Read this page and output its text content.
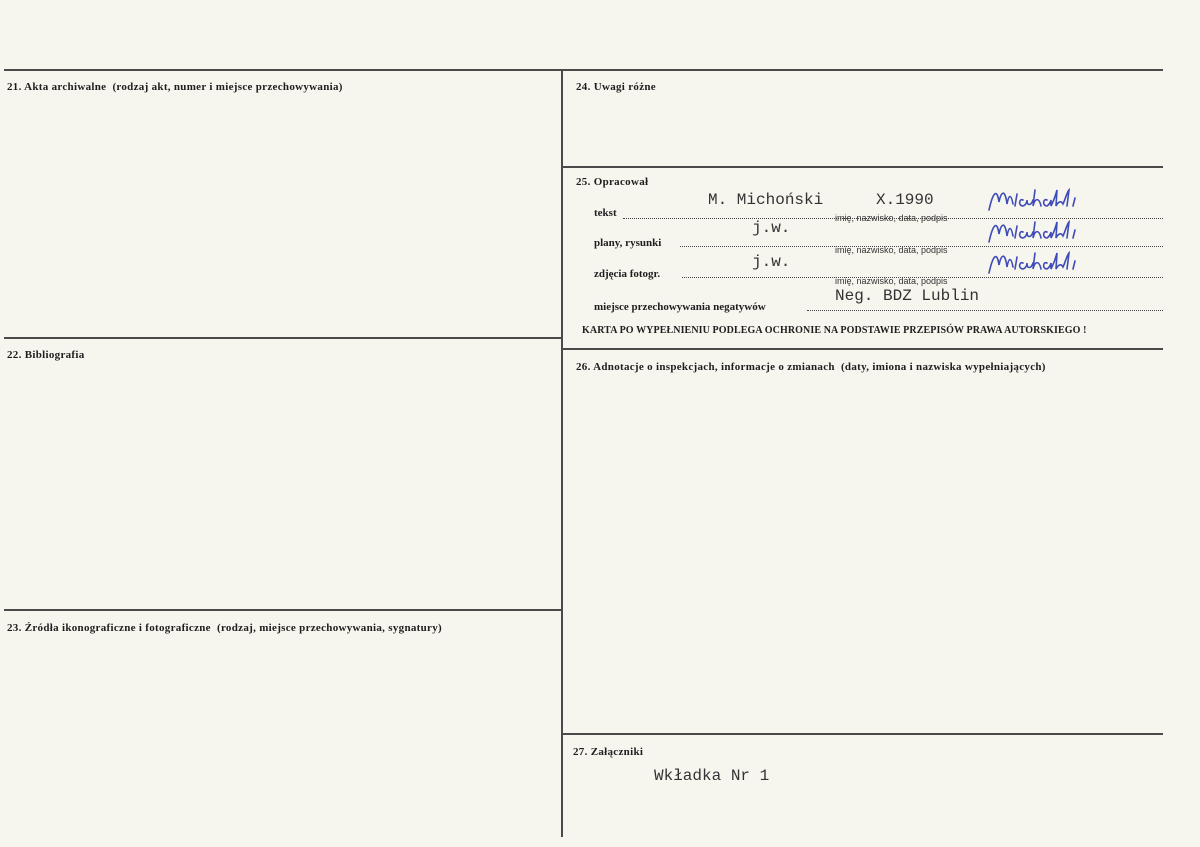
21. Akta archiwalne (rodzaj akt, numer i miejsce przechowywania)
22. Bibliografia
23. Źródła ikonograficzne i fotograficzne (rodzaj, miejsce przechowywania, sygnatury)
24. Uwagi różne
25. Opracował
tekst
M. Michoński	X.1990
imię, nazwisko, data, podpis
plany, rysunki
j.w.
imię, nazwisko, data, podpis
zdjęcia fotogr.
j.w.
imię, nazwisko, data, podpis
miejsce przechowywania negatywów
Neg. BDZ Lublin
KARTA PO WYPEŁNIENIU PODLEGA OCHRONIE NA PODSTAWIE PRZEPISÓW PRAWA AUTORSKIEGO !
26. Adnotacje o inspekcjach, informacje o zmianach (daty, imiona i nazwiska wypełniających)
27. Załączniki
Wkładka Nr 1
